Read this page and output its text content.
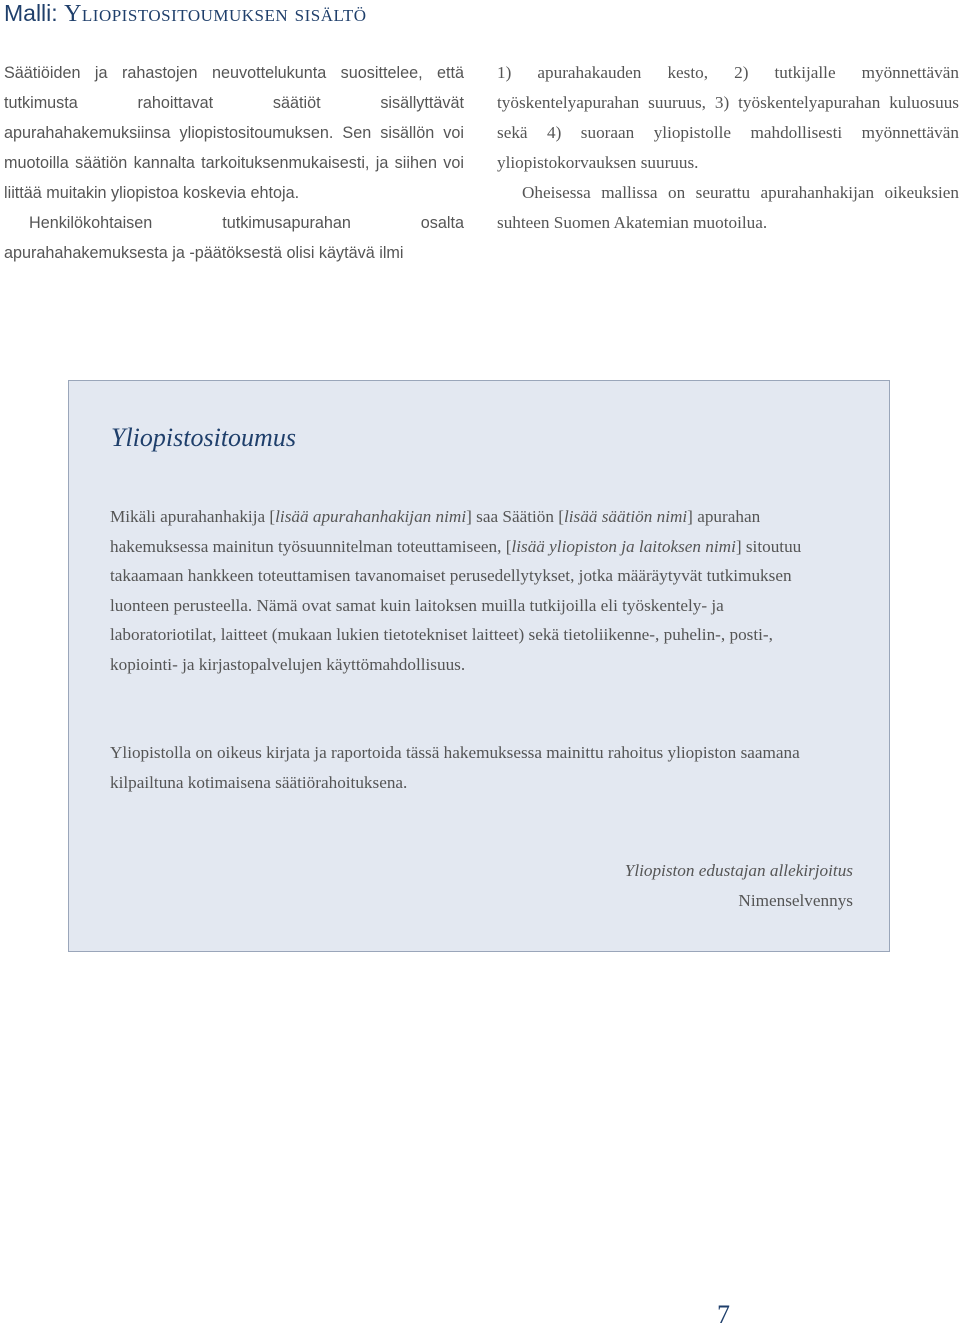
Malli: Yliopistositoumuksen sisältö

Säätiöiden ja rahastojen neuvottelukunta suosittelee, että tutkimusta rahoittavat säätiöt sisällyttävät apurahahakemuksiinsa yliopistositoumuksen. Sen sisällön voi muotoilla säätiön kannalta tarkoituksenmukaisesti, ja siihen voi liittää muitakin yliopistoa koskevia ehtoja.

Henkilökohtaisen tutkimusapurahan osalta apurahahakemuksesta ja -päätöksestä olisi käytävä ilmi

1) apurahakauden kesto, 2) tutkijalle myönnettävän työskentelyapurahan suuruus, 3) työskentelyapurahan kuluosuus sekä 4) suoraan yliopistolle mahdollisesti myönnettävän yliopistokorvauksen suuruus.

Oheisessa mallissa on seurattu apurahanhakijan oikeuksien suhteen Suomen Akatemian muotoilua.

Yliopistositoumus

Mikäli apurahanhakija [lisää apurahanhakijan nimi] saa Säätiön [lisää säätiön nimi] apurahan hakemuksessa mainitun työsuunnitelman toteuttamiseen, [lisää yliopiston ja laitoksen nimi] sitoutuu takaamaan hankkeen toteuttamisen tavanomaiset perusedellytykset, jotka määräytyvät tutkimuksen luonteen perusteella. Nämä ovat samat kuin laitoksen muilla tutkijoilla eli työskentely- ja laboratoriotilat, laitteet (mukaan lukien tietotekniset laitteet) sekä tietoliikenne-, puhelin-, posti-, kopiointi- ja kirjastopalvelujen käyttömahdollisuus.

Yliopistolla on oikeus kirjata ja raportoida tässä hakemuksessa mainittu rahoitus yliopiston saamana kilpailtuna kotimaisena säätiörahoituksena.

Yliopiston edustajan allekirjoitus
Nimenselvennys
7
